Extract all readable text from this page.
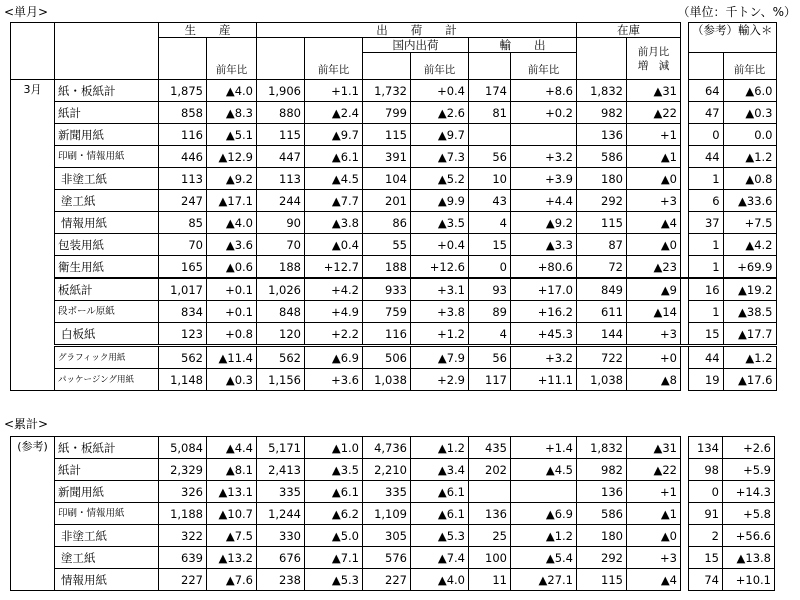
<単月>	（単位：千トン、%）
		生　　産		出　　荷　　計						在庫			（参考）輸入＊	
			前年比		前年比	国内出荷		輸　　出			前月比
増　減			
							前年比		前年比					前年比
3月	紙・板紙計	1,875	▲4.0	1,906	+1.1	1,732	+0.4	174	+8.6	1,832	▲31		64	▲6.0
	紙計	858	▲8.3	880	▲2.4	799	▲2.6	81	+0.2	982	▲22		47	▲0.3
	新聞用紙	116	▲5.1	115	▲9.7	115	▲9.7			136	+1		0	0.0
	印刷・情報用紙	446	▲12.9	447	▲6.1	391	▲7.3	56	+3.2	586	▲1		44	▲1.2
	非塗工紙	113	▲9.2	113	▲4.5	104	▲5.2	10	+3.9	180	▲0		1	▲0.8
	塗工紙	247	▲17.1	244	▲7.7	201	▲9.9	43	+4.4	292	+3		6	▲33.6
	情報用紙	85	▲4.0	90	▲3.8	86	▲3.5	4	▲9.2	115	▲4		37	+7.5
	包装用紙	70	▲3.6	70	▲0.4	55	+0.4	15	▲3.3	87	▲0		1	▲4.2
	衛生用紙	165	▲0.6	188	+12.7	188	+12.6	0	+80.6	72	▲23		1	+69.9
	板紙計	1,017	+0.1	1,026	+4.2	933	+3.1	93	+17.0	849	▲9		16	▲19.2
	段ボール原紙	834	+0.1	848	+4.9	759	+3.8	89	+16.2	611	▲14		1	▲38.5
	白板紙	123	+0.8	120	+2.2	116	+1.2	4	+45.3	144	+3		15	▲17.7
	グラフィック用紙	562	▲11.4	562	▲6.9	506	▲7.9	56	+3.2	722	+0		44	▲1.2
	パッケージング用紙	1,148	▲0.3	1,156	+3.6	1,038	+2.9	117	+11.1	1,038	▲8		19	▲17.6
<累計>
(参考)	紙・板紙計	5,084	▲4.4	5,171	▲1.0	4,736	▲1.2	435	+1.4	1,832	▲31		134	+2.6
	紙計	2,329	▲8.1	2,413	▲3.5	2,210	▲3.4	202	▲4.5	982	▲22		98	+5.9
	新聞用紙	326	▲13.1	335	▲6.1	335	▲6.1			136	+1		0	+14.3
	印刷・情報用紙	1,188	▲10.7	1,244	▲6.2	1,109	▲6.1	136	▲6.9	586	▲1		91	+5.8
	非塗工紙	322	▲7.5	330	▲5.0	305	▲5.3	25	▲1.2	180	▲0		2	+56.6
	塗工紙	639	▲13.2	676	▲7.1	576	▲7.4	100	▲5.4	292	+3		15	▲13.8
	情報用紙	227	▲7.6	238	▲5.3	227	▲4.0	11	▲27.1	115	▲4		74	+10.1
